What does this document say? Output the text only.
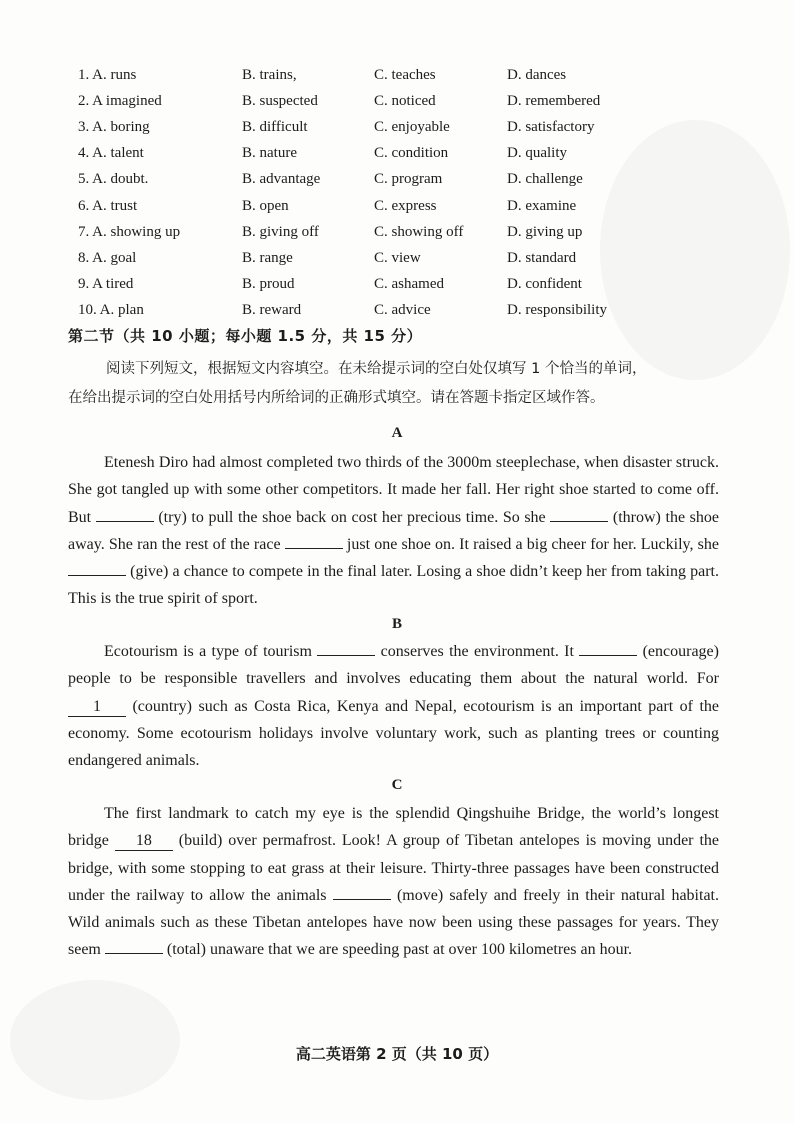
1. A. runs	B. trains,	C. teaches	D. dances
2. A imagined	B. suspected	C. noticed	D. remembered
3. A. boring	B. difficult	C. enjoyable	D. satisfactory
4. A. talent	B. nature	C. condition	D. quality
5. A. doubt.	B. advantage	C. program	D. challenge
6. A. trust	B. open	C. express	D. examine
7. A. showing up	B. giving off	C. showing off	D. giving up
8. A. goal	B. range	C. view	D. standard
9. A tired	B. proud	C. ashamed	D. confident
10. A. plan	B. reward	C. advice	D. responsibility
第二节（共 10 小题；每小题 1.5 分，共 15 分）

阅读下列短文，根据短文内容填空。在未给提示词的空白处仅填写 1 个恰当的单词，

在给出提示词的空白处用括号内所给词的正确形式填空。请在答题卡指定区域作答。

A
Etenesh Diro had almost completed two thirds of the 3000m steeplechase, when disaster struck. She got tangled up with some other competitors. It made her fall. Her right shoe started to come off. But	(try) to pull the shoe back on cost her precious time. So she	(throw) the shoe away. She ran the rest of the race	just one shoe on. It raised a big cheer for her. Luckily, she  (give) a chance to compete in the final later. Losing a shoe didn’t keep her from taking part. This is the true spirit of sport.
B
Ecotourism is a type of tourism	conserves the environment. It	(encourage) people to be responsible travellers and involves educating them about the natural world. For 1 (country) such as Costa Rica, Kenya and Nepal, ecotourism is an important part of the economy. Some ecotourism holidays involve voluntary work, such as planting trees or counting endangered animals.
C
The first landmark to catch my eye is the splendid Qingshuihe Bridge, the world’s longest bridge 18 (build) over permafrost. Look! A group of Tibetan antelopes is moving under the bridge, with some stopping to eat grass at their leisure. Thirty-three passages have been constructed under the railway to allow the animals	(move) safely and freely in their natural habitat. Wild animals such as these Tibetan antelopes have now been using these passages for years. They seem	(total) unaware that we are speeding past at over 100 kilometres an hour.
高二英语第 2 页（共 10 页）
